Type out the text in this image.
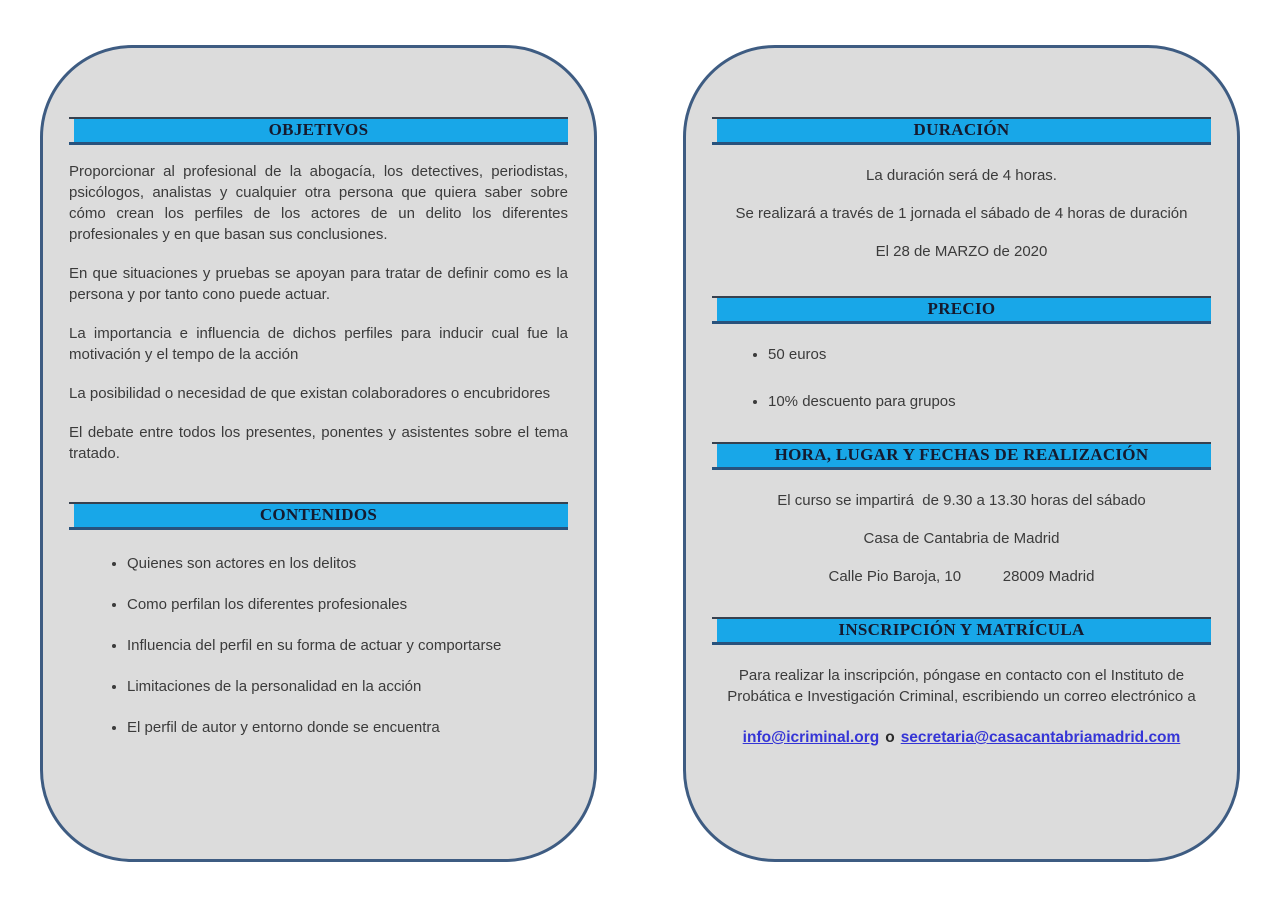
OBJETIVOS

Proporcionar al profesional de la abogacía, los detectives, periodistas, psicólogos, analistas y cualquier otra persona que quiera saber sobre cómo crean los perfiles de los actores de un delito los diferentes profesionales y en que basan sus conclusiones.

En que situaciones y pruebas se apoyan para tratar de definir como es la persona y por tanto cono puede actuar.

La importancia e influencia de dichos perfiles para inducir cual fue la motivación y el tempo de la acción

La posibilidad o necesidad de que existan colaboradores o encubridores

El debate entre todos los presentes, ponentes y asistentes sobre el tema tratado.

CONTENIDOS
• Quienes son actores en los delitos
• Como perfilan los diferentes profesionales
• Influencia del perfil en su forma de actuar y comportarse
• Limitaciones de la personalidad en la acción
• El perfil de autor y entorno donde se encuentra
DURACIÓN

La duración será de 4 horas.

Se realizará a través de 1 jornada el sábado de 4 horas de duración

El 28 de MARZO de 2020

PRECIO
• 50 euros
• 10% descuento para grupos
HORA, LUGAR Y FECHAS DE REALIZACIÓN

El curso se impartirá  de 9.30 a 13.30 horas del sábado

Casa de Cantabria de Madrid

Calle Pio Baroja, 10          28009 Madrid

INSCRIPCIÓN Y MATRÍCULA

Para realizar la inscripción, póngase en contacto con el Instituto de Probática e Investigación Criminal, escribiendo un correo electrónico a

info@icriminal.org o secretaria@casacantabriamadrid.com
